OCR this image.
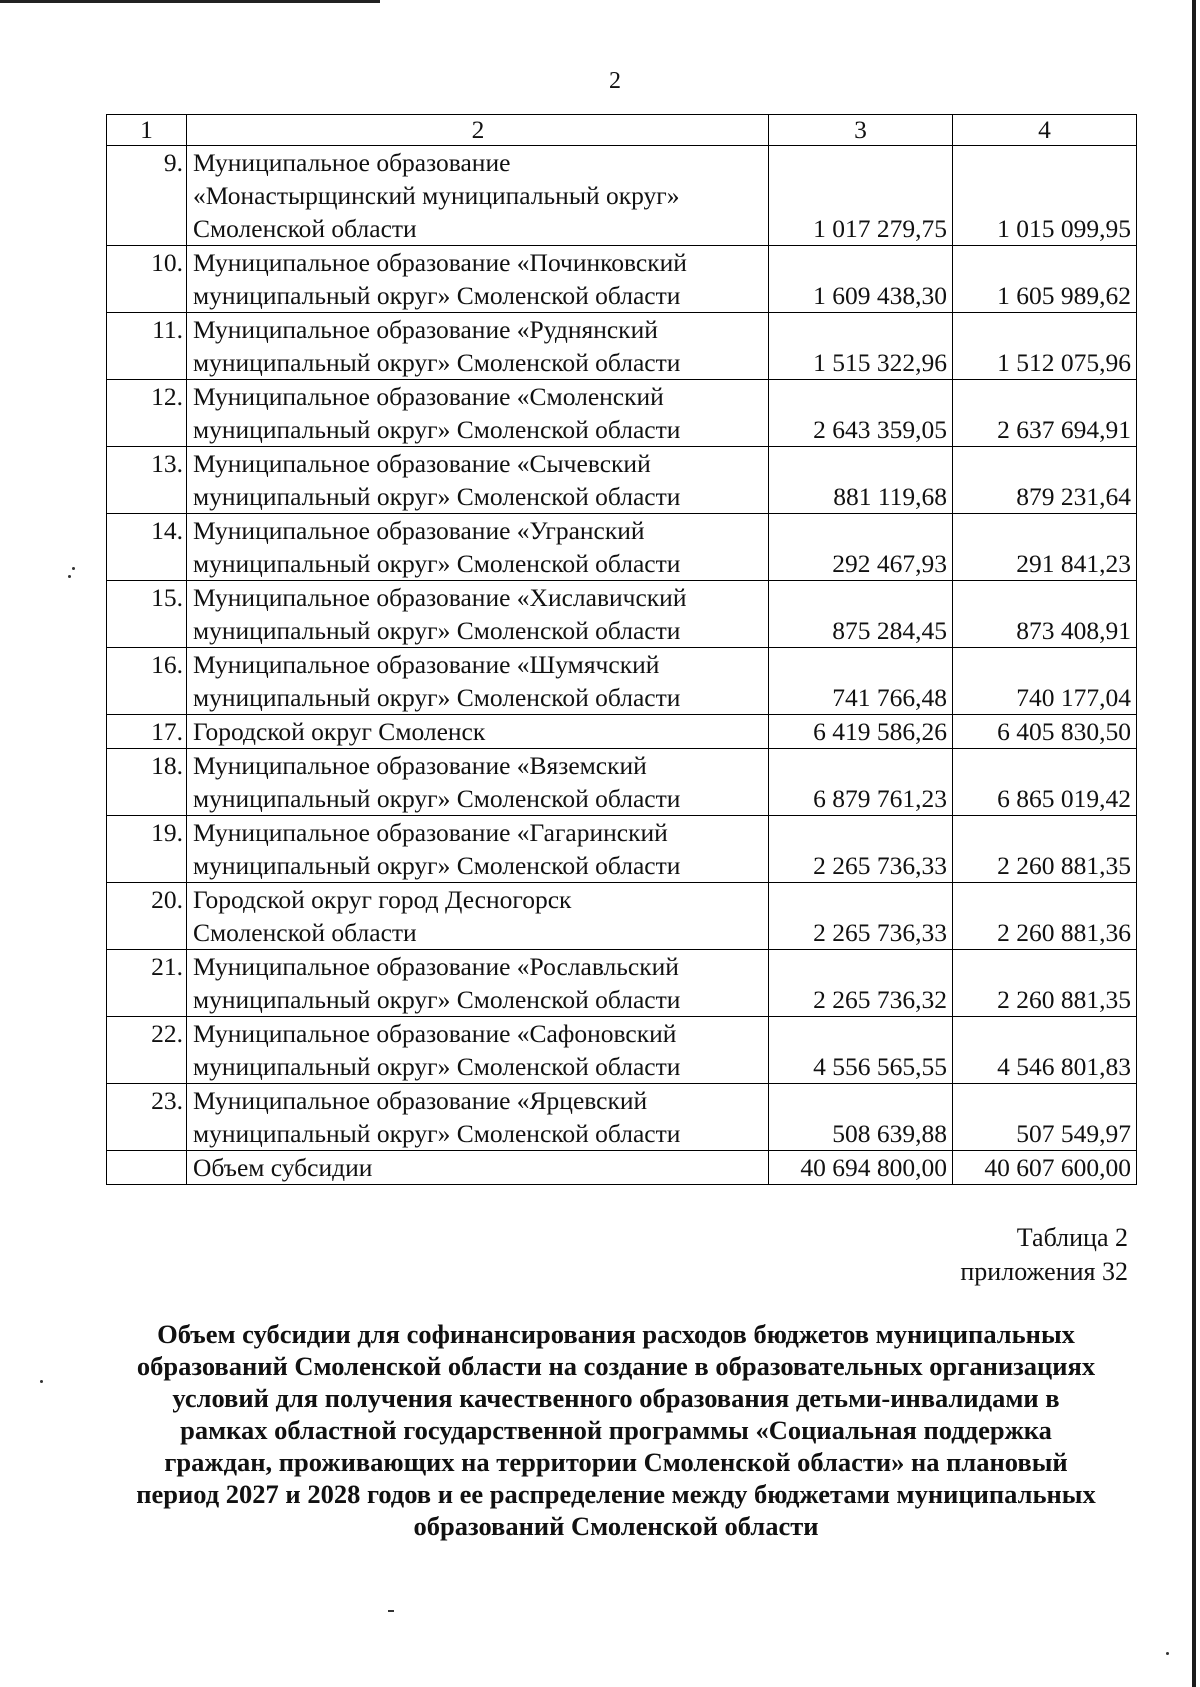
2
1	2	3	4
9.	Муниципальное образование
«Монастырщинский муниципальный округ»
Смоленской области	1 017 279,75	1 015 099,95
10.	Муниципальное образование «Починковский
муниципальный округ» Смоленской области	1 609 438,30	1 605 989,62
11.	Муниципальное образование «Руднянский
муниципальный округ» Смоленской области	1 515 322,96	1 512 075,96
12.	Муниципальное образование «Смоленский
муниципальный округ» Смоленской области	2 643 359,05	2 637 694,91
13.	Муниципальное образование «Сычевский
муниципальный округ» Смоленской области	881 119,68	879 231,64
14.	Муниципальное образование «Угранский
муниципальный округ» Смоленской области	292 467,93	291 841,23
15.	Муниципальное образование «Хиславичский
муниципальный округ» Смоленской области	875 284,45	873 408,91
16.	Муниципальное образование «Шумячский
муниципальный округ» Смоленской области	741 766,48	740 177,04
17.	Городской округ Смоленск	6 419 586,26	6 405 830,50
18.	Муниципальное образование «Вяземский
муниципальный округ» Смоленской области	6 879 761,23	6 865 019,42
19.	Муниципальное образование «Гагаринский
муниципальный округ» Смоленской области	2 265 736,33	2 260 881,35
20.	Городской округ город Десногорск
Смоленской области	2 265 736,33	2 260 881,36
21.	Муниципальное образование «Рославльский
муниципальный округ» Смоленской области	2 265 736,32	2 260 881,35
22.	Муниципальное образование «Сафоновский
муниципальный округ» Смоленской области	4 556 565,55	4 546 801,83
23.	Муниципальное образование «Ярцевский
муниципальный округ» Смоленской области	508 639,88	507 549,97
	Объем субсидии	40 694 800,00	40 607 600,00
Таблица 2
приложения 32
Объем субсидии для софинансирования расходов бюджетов муниципальных
образований Смоленской области на создание в образовательных организациях
условий для получения качественного образования детьми-инвалидами в
рамках областной государственной программы «Социальная поддержка
граждан, проживающих на территории Смоленской области» на плановый
период 2027 и 2028 годов и ее распределение между бюджетами муниципальных
образований Смоленской области
